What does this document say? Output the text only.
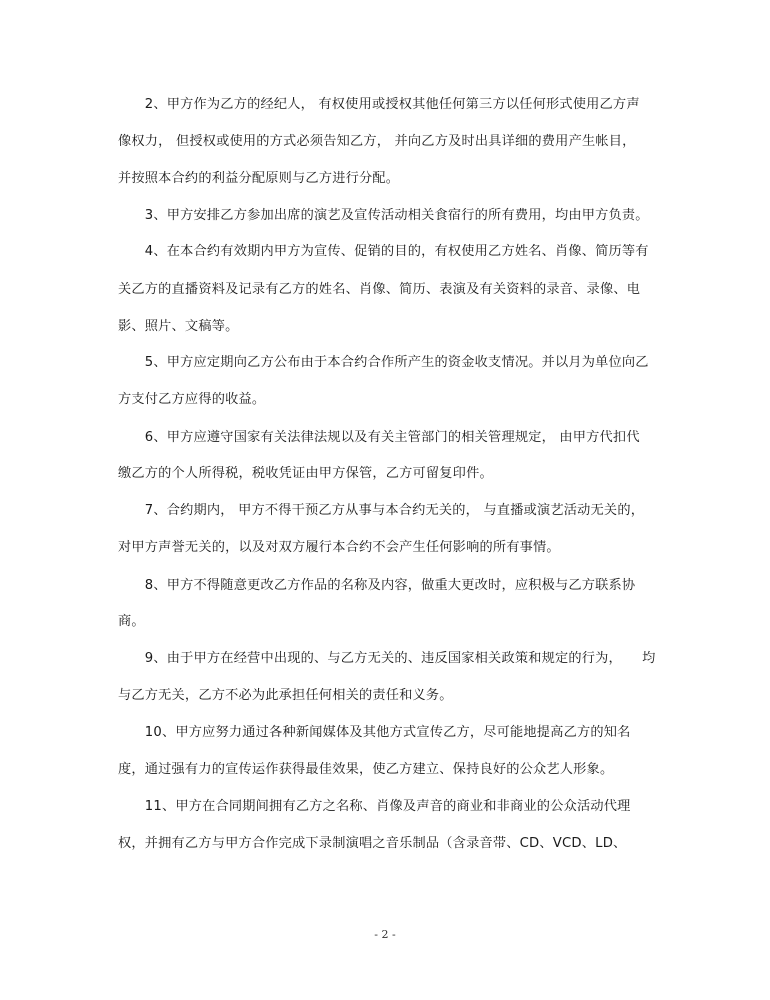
　　2、甲方作为乙方的经纪人， 有权使用或授权其他任何第三方以任何形式使用乙方声
像权力， 但授权或使用的方式必须告知乙方， 并向乙方及时出具详细的费用产生帐目，
并按照本合约的利益分配原则与乙方进行分配。
　　3、甲方安排乙方参加出席的演艺及宣传活动相关食宿行的所有费用，均由甲方负责。
　　4、在本合约有效期内甲方为宣传、促销的目的，有权使用乙方姓名、肖像、简历等有
关乙方的直播资料及记录有乙方的姓名、肖像、简历、表演及有关资料的录音、录像、电
影、照片、文稿等。
　　5、甲方应定期向乙方公布由于本合约合作所产生的资金收支情况。并以月为单位向乙
方支付乙方应得的收益。
　　6、甲方应遵守国家有关法律法规以及有关主管部门的相关管理规定， 由甲方代扣代
缴乙方的个人所得税，税收凭证由甲方保管，乙方可留复印件。
　　7、合约期内， 甲方不得干预乙方从事与本合约无关的， 与直播或演艺活动无关的，
对甲方声誉无关的，以及对双方履行本合约不会产生任何影响的所有事情。
　　8、甲方不得随意更改乙方作品的名称及内容，做重大更改时，应积极与乙方联系协
商。
　　9、由于甲方在经营中出现的、与乙方无关的、违反国家相关政策和规定的行为，　　均
与乙方无关，乙方不必为此承担任何相关的责任和义务。
　　10、甲方应努力通过各种新闻媒体及其他方式宣传乙方，尽可能地提高乙方的知名
度，通过强有力的宣传运作获得最佳效果，使乙方建立、保持良好的公众艺人形象。
　　11、甲方在合同期间拥有乙方之名称、肖像及声音的商业和非商业的公众活动代理
权，并拥有乙方与甲方合作完成下录制演唱之音乐制品（含录音带、CD、VCD、LD、
- 2 -
